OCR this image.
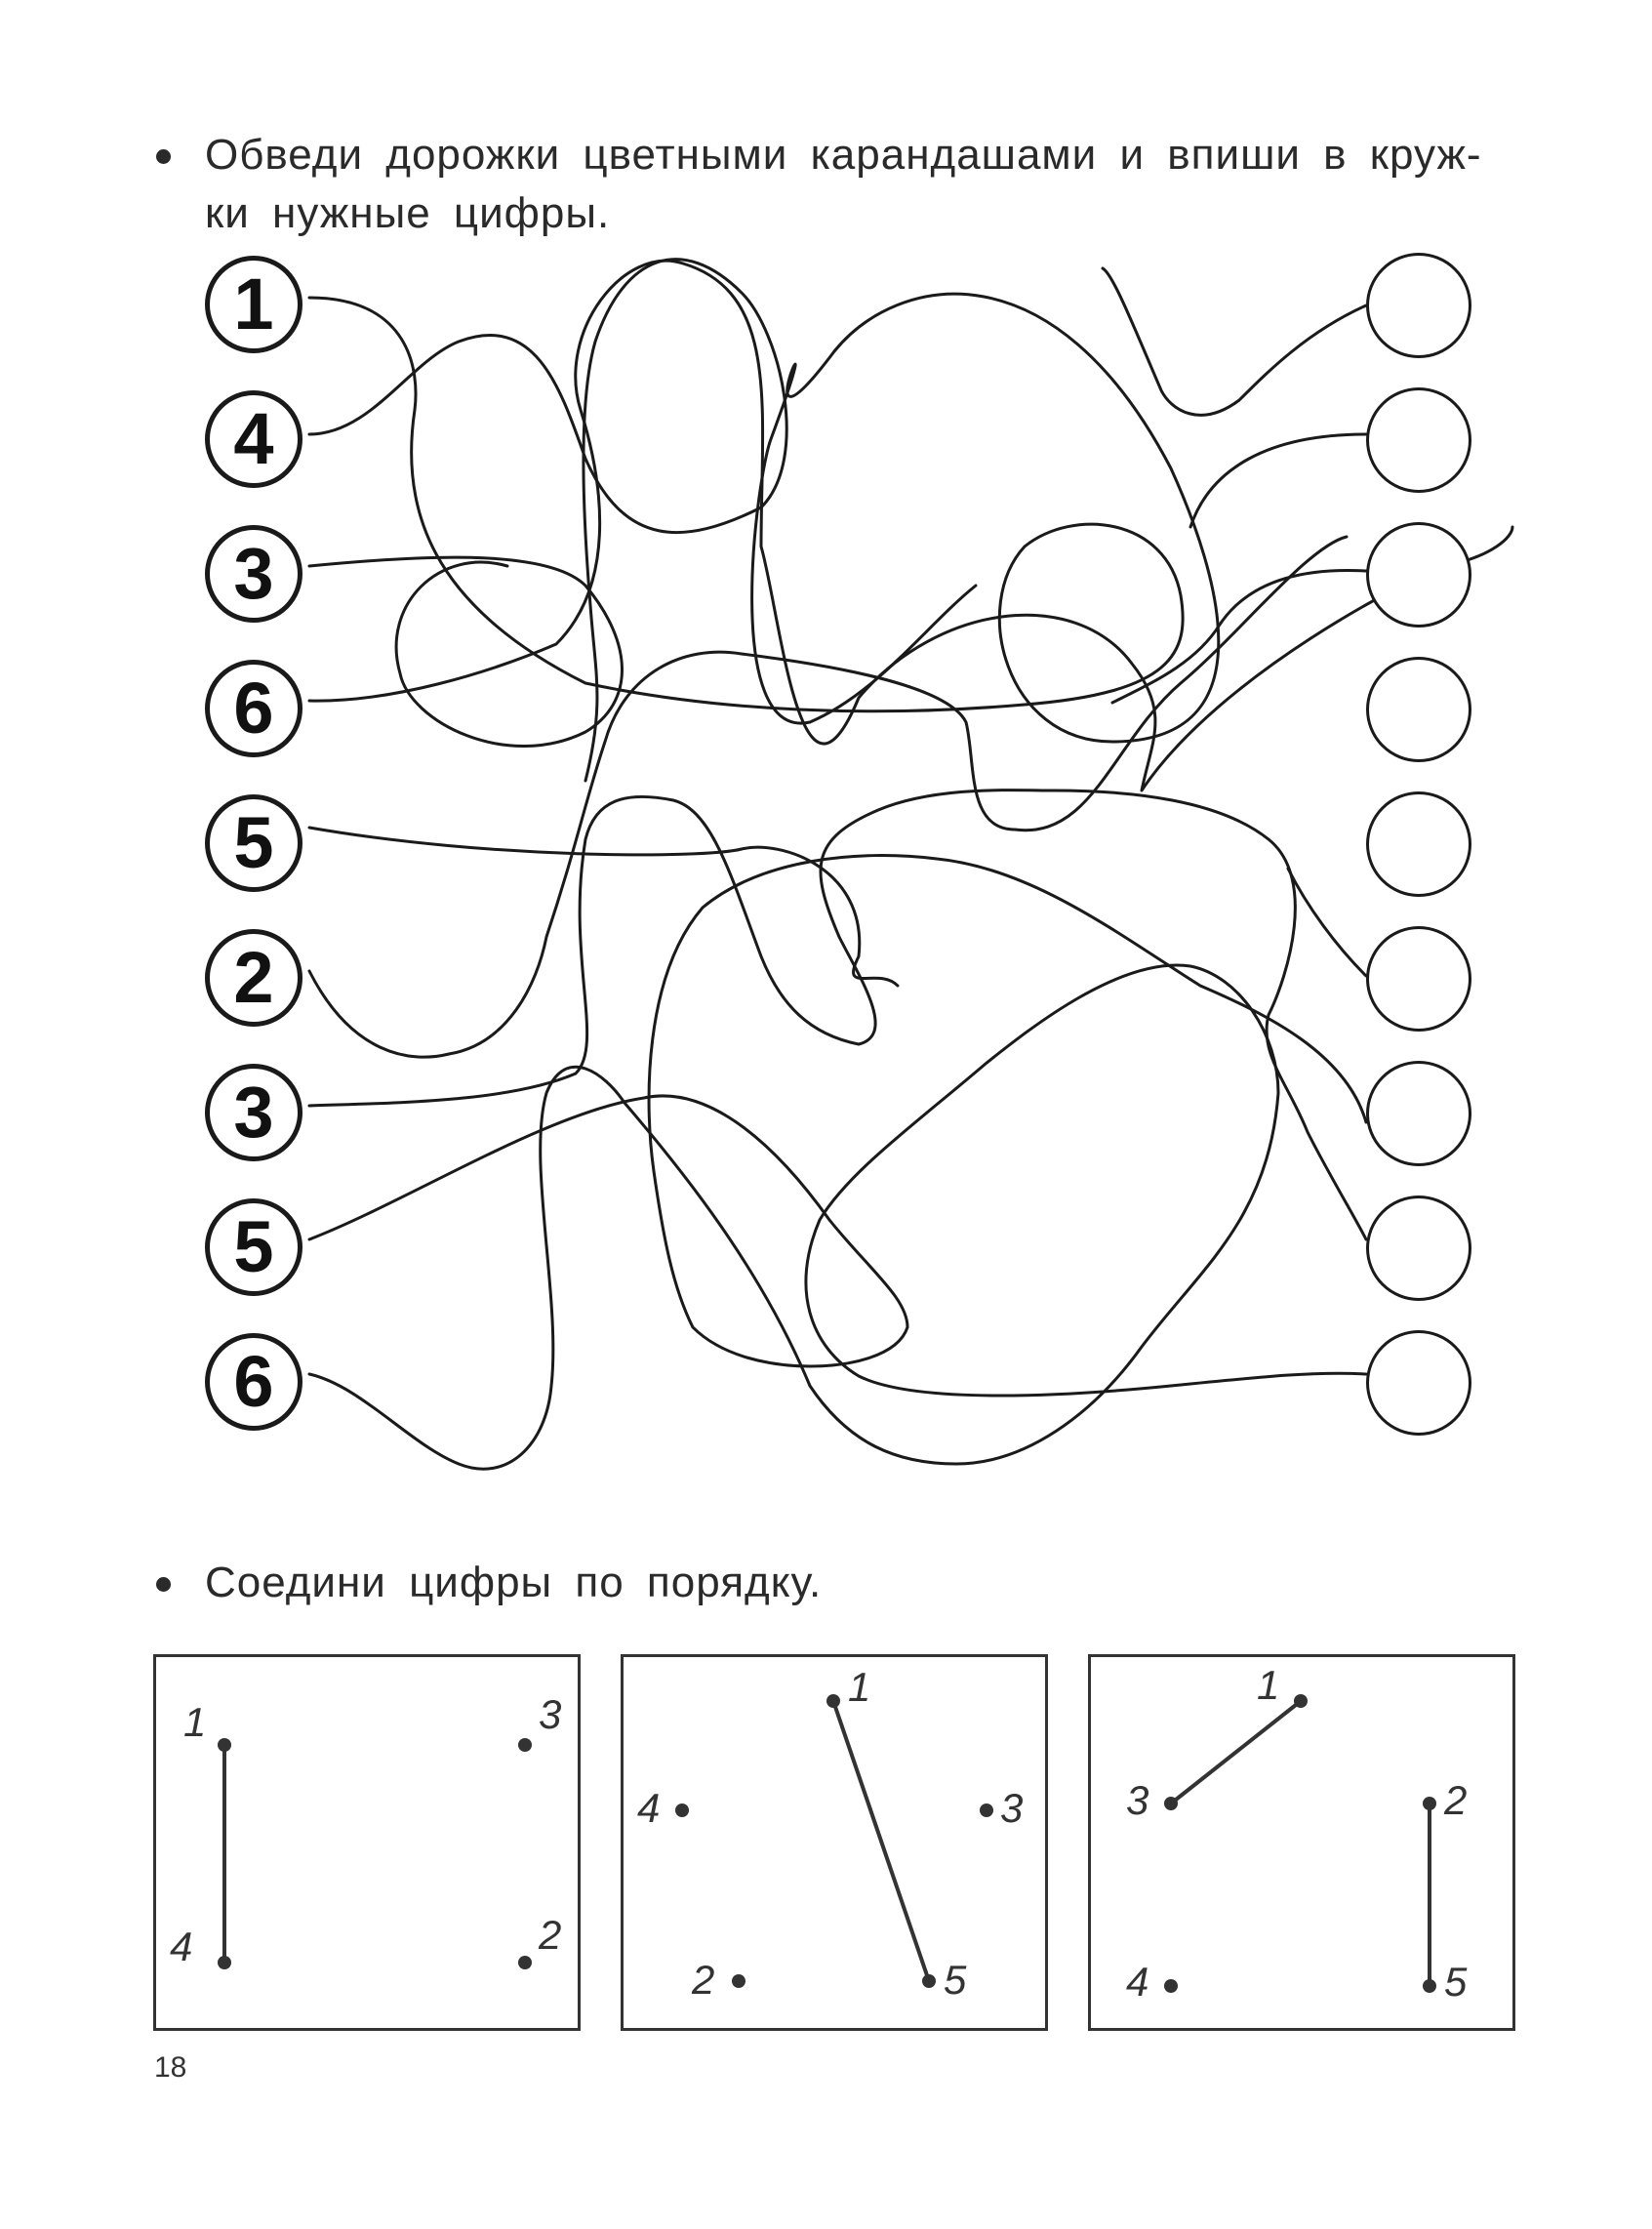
Обведи дорожки цветными карандашами и впиши в круж-
ки нужные цифры.
1
4
3
6
5
2
3
5
6
Соедини цифры по порядку.
1	3
4	2
1
4	3
2	5
1
3	2
4	5
18
